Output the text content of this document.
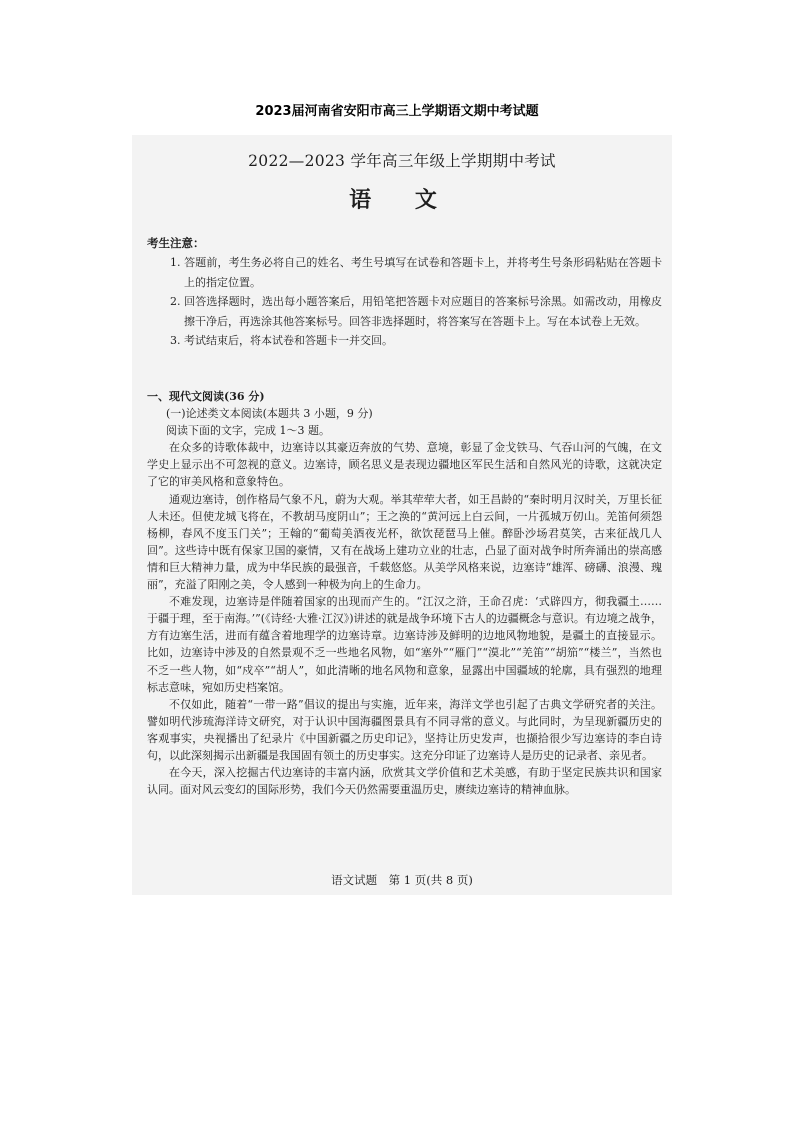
2023届河南省安阳市高三上学期语文期中考试题
2022—2023 学年高三年级上学期期中考试
语 文
考生注意：
1. 答题前，考生务必将自己的姓名、考生号填写在试卷和答题卡上，并将考生号条形码粘贴在答题卡上的指定位置。
2. 回答选择题时，选出每小题答案后，用铅笔把答题卡对应题目的答案标号涂黑。如需改动，用橡皮擦干净后，再选涂其他答案标号。回答非选择题时，将答案写在答题卡上。写在本试卷上无效。
3. 考试结束后，将本试卷和答题卡一并交回。
一、现代文阅读(36 分)
(一)论述类文本阅读(本题共 3 小题，9 分)
阅读下面的文字，完成 1～3 题。

在众多的诗歌体裁中，边塞诗以其豪迈奔放的气势、意境，彰显了金戈铁马、气吞山河的气魄，在文学史上显示出不可忽视的意义。边塞诗，顾名思义是表现边疆地区军民生活和自然风光的诗歌，这就决定了它的审美风格和意象特色。

通观边塞诗，创作格局气象不凡，蔚为大观。举其荦荦大者，如王昌龄的“秦时明月汉时关，万里长征人未还。但使龙城飞将在，不教胡马度阴山”；王之涣的“黄河远上白云间，一片孤城万仞山。羌笛何须怨杨柳，春风不度玉门关”；王翰的“葡萄美酒夜光杯，欲饮琵琶马上催。醉卧沙场君莫笑，古来征战几人回”。这些诗中既有保家卫国的豪情，又有在战场上建功立业的壮志，凸显了面对战争时所奔涌出的崇高感情和巨大精神力量，成为中华民族的最强音，千载悠悠。从美学风格来说，边塞诗“雄浑、磅礴、浪漫、瑰丽”，充溢了阳刚之美，令人感到一种极为向上的生命力。

不难发现，边塞诗是伴随着国家的出现而产生的。“江汉之浒，王命召虎：‘式辟四方，彻我疆土……于疆于理，至于南海。’”(《诗经·大雅·江汉》)讲述的就是战争环境下古人的边疆概念与意识。有边境之战争，方有边塞生活，进而有蕴含着地理学的边塞诗章。边塞诗涉及鲜明的边地风物地貌，是疆土的直接显示。比如，边塞诗中涉及的自然景观不乏一些地名风物，如“塞外”“雁门”“漠北”“羌笛”“胡笳”“楼兰”，当然也不乏一些人物，如“戍卒”“胡人”，如此清晰的地名风物和意象，显露出中国疆域的轮廓，具有强烈的地理标志意味，宛如历史档案馆。

不仅如此，随着“一带一路”倡议的提出与实施，近年来，海洋文学也引起了古典文学研究者的关注。譬如明代涉琉海洋诗文研究，对于认识中国海疆图景具有不同寻常的意义。与此同时，为呈现新疆历史的客观事实，央视播出了纪录片《中国新疆之历史印记》，坚持让历史发声，也撷拾很少写边塞诗的李白诗句，以此深刻揭示出新疆是我国固有领土的历史事实。这充分印证了边塞诗人是历史的记录者、亲见者。

在今天，深入挖掘古代边塞诗的丰富内涵，欣赏其文学价值和艺术美感，有助于坚定民族共识和国家认同。面对风云变幻的国际形势，我们今天仍然需要重温历史，赓续边塞诗的精神血脉。

语文试题　第 1 页(共 8 页)
